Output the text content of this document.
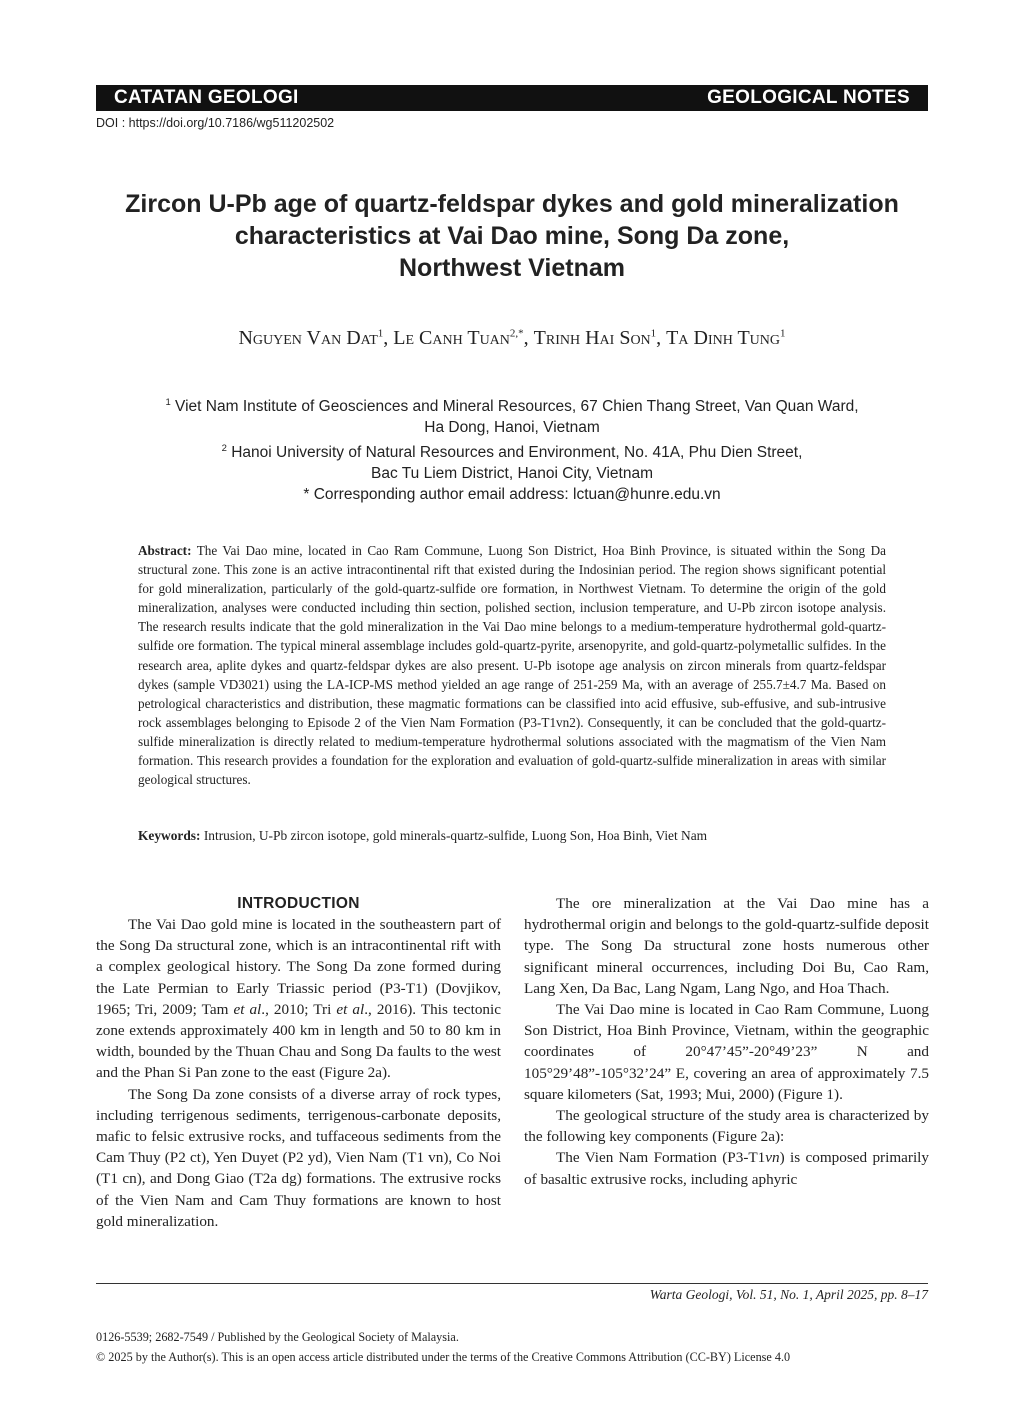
CATATAN GEOLOGI	GEOLOGICAL NOTES
DOI : https://doi.org/10.7186/wg511202502
Zircon U-Pb age of quartz-feldspar dykes and gold mineralization
characteristics at Vai Dao mine, Song Da zone,
Northwest Vietnam
Nguyen Van Dat$^1$, Le Canh Tuan$^{2,*}$, Trinh Hai Son$^1$, Ta Dinh Tung$^1$
$^1$ Viet Nam Institute of Geosciences and Mineral Resources, 67 Chien Thang Street, Van Quan Ward,
Ha Dong, Hanoi, Vietnam
$^2$ Hanoi University of Natural Resources and Environment, No. 41A, Phu Dien Street,
Bac Tu Liem District, Hanoi City, Vietnam
* Corresponding author email address: lctuan@hunre.edu.vn
Abstract: The Vai Dao mine, located in Cao Ram Commune, Luong Son District, Hoa Binh Province, is situated within the Song Da structural zone. This zone is an active intracontinental rift that existed during the Indosinian period. The region shows significant potential for gold mineralization, particularly of the gold-quartz-sulfide ore formation, in Northwest Vietnam. To determine the origin of the gold mineralization, analyses were conducted including thin section, polished section, inclusion temperature, and U-Pb zircon isotope analysis. The research results indicate that the gold mineralization in the Vai Dao mine belongs to a medium-temperature hydrothermal gold-quartz-sulfide ore formation. The typical mineral assemblage includes gold-quartz-pyrite, arsenopyrite, and gold-quartz-polymetallic sulfides. In the research area, aplite dykes and quartz-feldspar dykes are also present. U-Pb isotope age analysis on zircon minerals from quartz-feldspar dykes (sample VD3021) using the LA-ICP-MS method yielded an age range of 251-259 Ma, with an average of 255.7±4.7 Ma. Based on petrological characteristics and distribution, these magmatic formations can be classified into acid effusive, sub-effusive, and sub-intrusive rock assemblages belonging to Episode 2 of the Vien Nam Formation (P3-T1vn2). Consequently, it can be concluded that the gold-quartz-sulfide mineralization is directly related to medium-temperature hydrothermal solutions associated with the magmatism of the Vien Nam formation. This research provides a foundation for the exploration and evaluation of gold-quartz-sulfide mineralization in areas with similar geological structures.
Keywords: Intrusion, U-Pb zircon isotope, gold minerals-quartz-sulfide, Luong Son, Hoa Binh, Viet Nam
INTRODUCTION

The Vai Dao gold mine is located in the southeastern part of the Song Da structural zone, which is an intracontinental rift with a complex geological history. The Song Da zone formed during the Late Permian to Early Triassic period (P3-T1) (Dovjikov, 1965; Tri, 2009; Tam et al., 2010; Tri et al., 2016). This tectonic zone extends approximately 400 km in length and 50 to 80 km in width, bounded by the Thuan Chau and Song Da faults to the west and the Phan Si Pan zone to the east (Figure 2a).

The Song Da zone consists of a diverse array of rock types, including terrigenous sediments, terrigenous-carbonate deposits, mafic to felsic extrusive rocks, and tuffaceous sediments from the Cam Thuy (P2 ct), Yen Duyet (P2 yd), Vien Nam (T1 vn), Co Noi (T1 cn), and Dong Giao (T2a dg) formations. The extrusive rocks of the Vien Nam and Cam Thuy formations are known to host gold mineralization.

The ore mineralization at the Vai Dao mine has a hydrothermal origin and belongs to the gold-quartz-sulfide deposit type. The Song Da structural zone hosts numerous other significant mineral occurrences, including Doi Bu, Cao Ram, Lang Xen, Da Bac, Lang Ngam, Lang Ngo, and Hoa Thach.

The Vai Dao mine is located in Cao Ram Commune, Luong Son District, Hoa Binh Province, Vietnam, within the geographic coordinates of 20°47’45”-20°49’23” N and 105°29’48”-105°32’24” E, covering an area of approximately 7.5 square kilometers (Sat, 1993; Mui, 2000) (Figure 1).

The geological structure of the study area is characterized by the following key components (Figure 2a):

The Vien Nam Formation (P3-T1vn) is composed primarily of basaltic extrusive rocks, including aphyric

Warta Geologi, Vol. 51, No. 1, April 2025, pp. 8–17
0126-5539; 2682-7549 / Published by the Geological Society of Malaysia.
© 2025 by the Author(s). This is an open access article distributed under the terms of the Creative Commons Attribution (CC-BY) License 4.0
